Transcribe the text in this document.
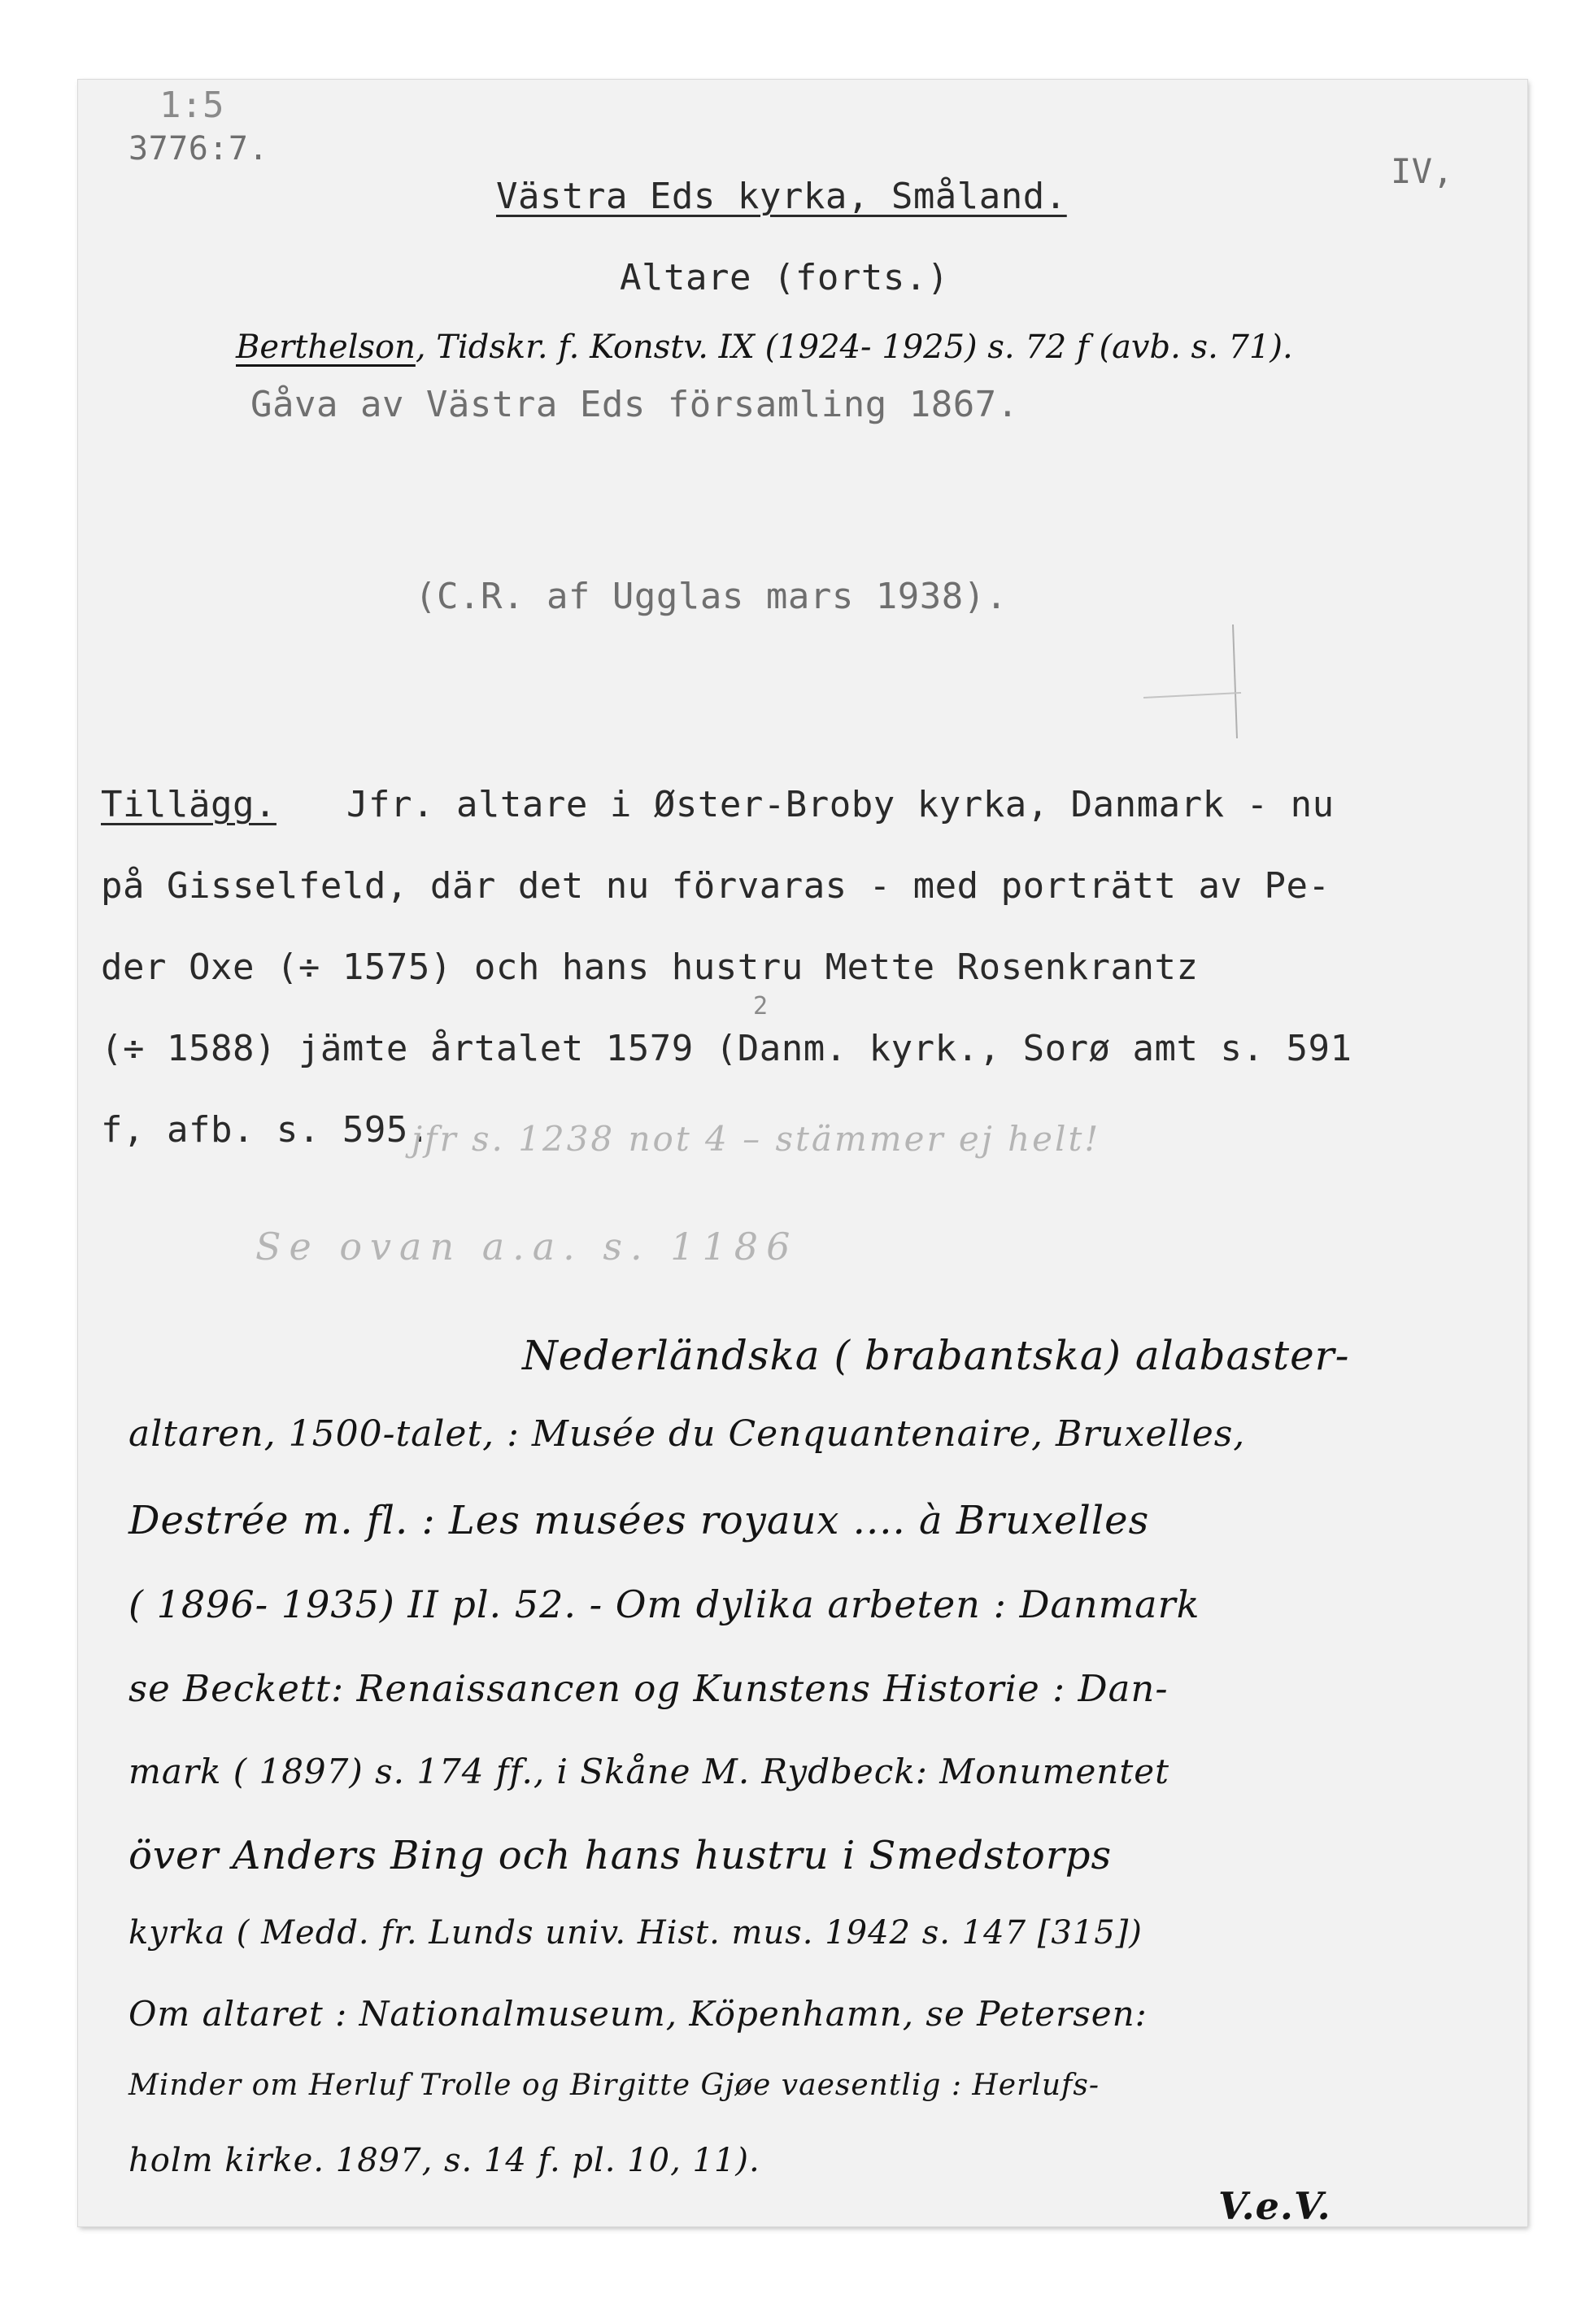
1:5
3776:7.
IV,
Västra Eds kyrka, Småland.
Altare (forts.)
Berthelson, Tidskr. f. Konstv. IX (1924- 1925) s. 72 f (avb. s. 71).
Gåva av Västra Eds församling 1867.
(C.R. af Ugglas mars 1938).
Tillägg. Jfr. altare i Øster-Broby kyrka, Danmark - nu
på Gisselfeld, där det nu förvaras - med porträtt av Pe-
der Oxe (÷ 1575) och hans hustru Mette Rosenkrantz
2
(÷ 1588) jämte årtalet 1579 (Danm. kyrk., Sorø amt s. 591
f, afb. s. 595.
jfr s. 1238 not 4 – stämmer ej helt!
Se ovan a.a. s. 1186
Nederländska ( brabantska) alabaster-
altaren, 1500-talet, : Musée du Cenquantenaire, Bruxelles,
Destrée m. fl. : Les musées royaux .... à Bruxelles
( 1896- 1935) II pl. 52. - Om dylika arbeten : Danmark
se Beckett: Renaissancen og Kunstens Historie : Dan-
mark ( 1897) s. 174 ff., i Skåne M. Rydbeck: Monumentet
över Anders Bing och hans hustru i Smedstorps
kyrka ( Medd. fr. Lunds univ. Hist. mus. 1942 s. 147 [315])
Om altaret : Nationalmuseum, Köpenhamn, se Petersen:
Minder om Herluf Trolle og Birgitte Gjøe vaesentlig : Herlufs-
holm kirke. 1897, s. 14 f. pl. 10, 11).
V.e.V.
